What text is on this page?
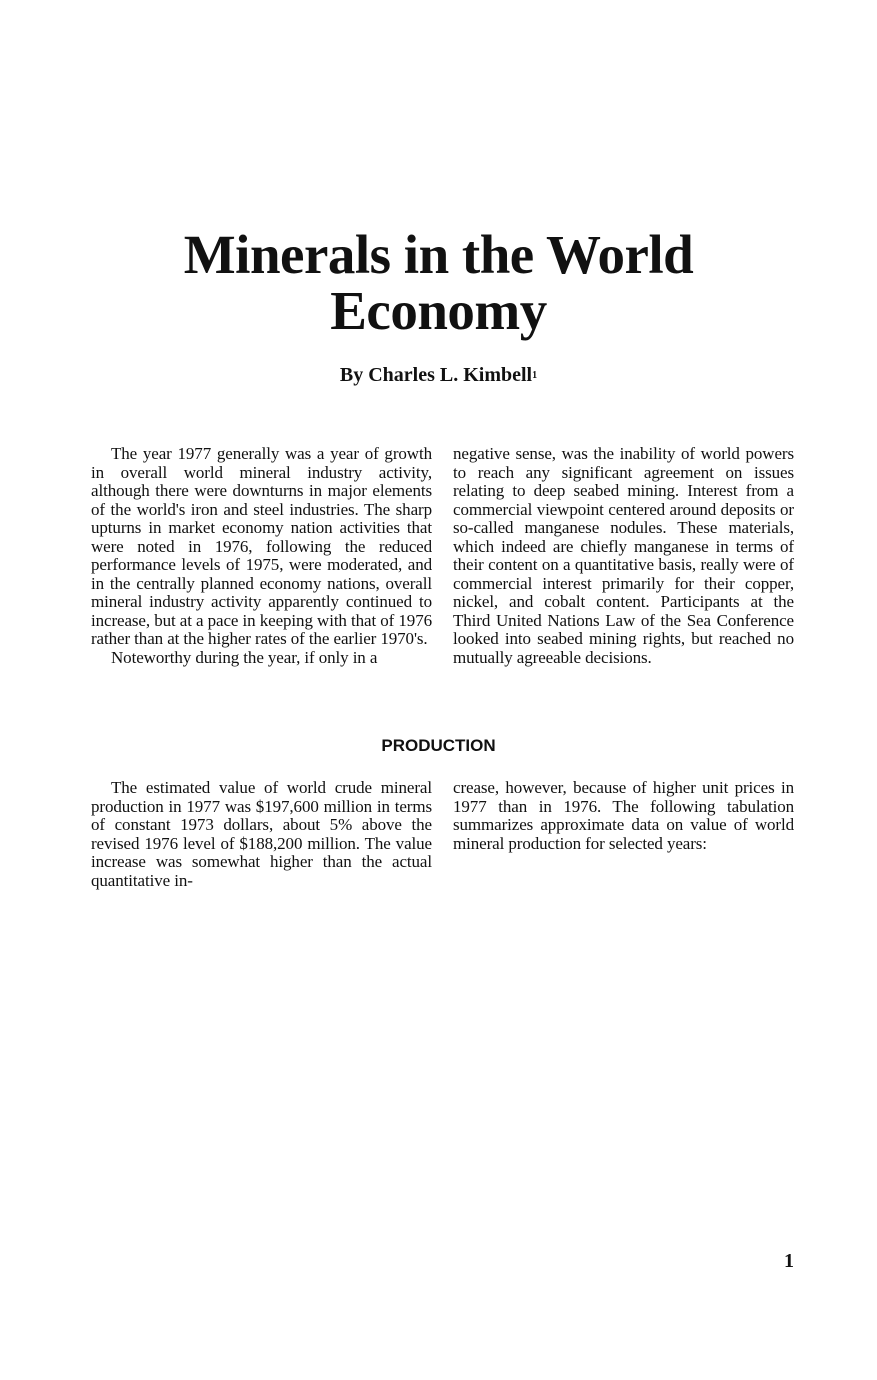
Minerals in the World
Economy
By Charles L. Kimbell$^1$

The year 1977 generally was a year of growth in overall world mineral industry activity, although there were downturns in major elements of the world's iron and steel industries. The sharp upturns in market economy nation activities that were noted in 1976, following the reduced performance levels of 1975, were moderated, and in the centrally planned economy nations, overall mineral industry activity apparently continued to increase, but at a pace in keeping with that of 1976 rather than at the higher rates of the earlier 1970's.

Noteworthy during the year, if only in a

negative sense, was the inability of world powers to reach any significant agreement on issues relating to deep seabed mining. Interest from a commercial viewpoint centered around deposits or so-called manganese nodules. These materials, which indeed are chiefly manganese in terms of their content on a quantitative basis, really were of commercial interest primarily for their copper, nickel, and cobalt content. Participants at the Third United Nations Law of the Sea Conference looked into seabed mining rights, but reached no mutually agreeable decisions.

PRODUCTION

The estimated value of world crude mineral production in 1977 was $197,600 million in terms of constant 1973 dollars, about 5% above the revised 1976 level of $188,200 million. The value increase was somewhat higher than the actual quantitative in-

crease, however, because of higher unit prices in 1977 than in 1976. The following tabulation summarizes approximate data on value of world mineral production for selected years:

1
